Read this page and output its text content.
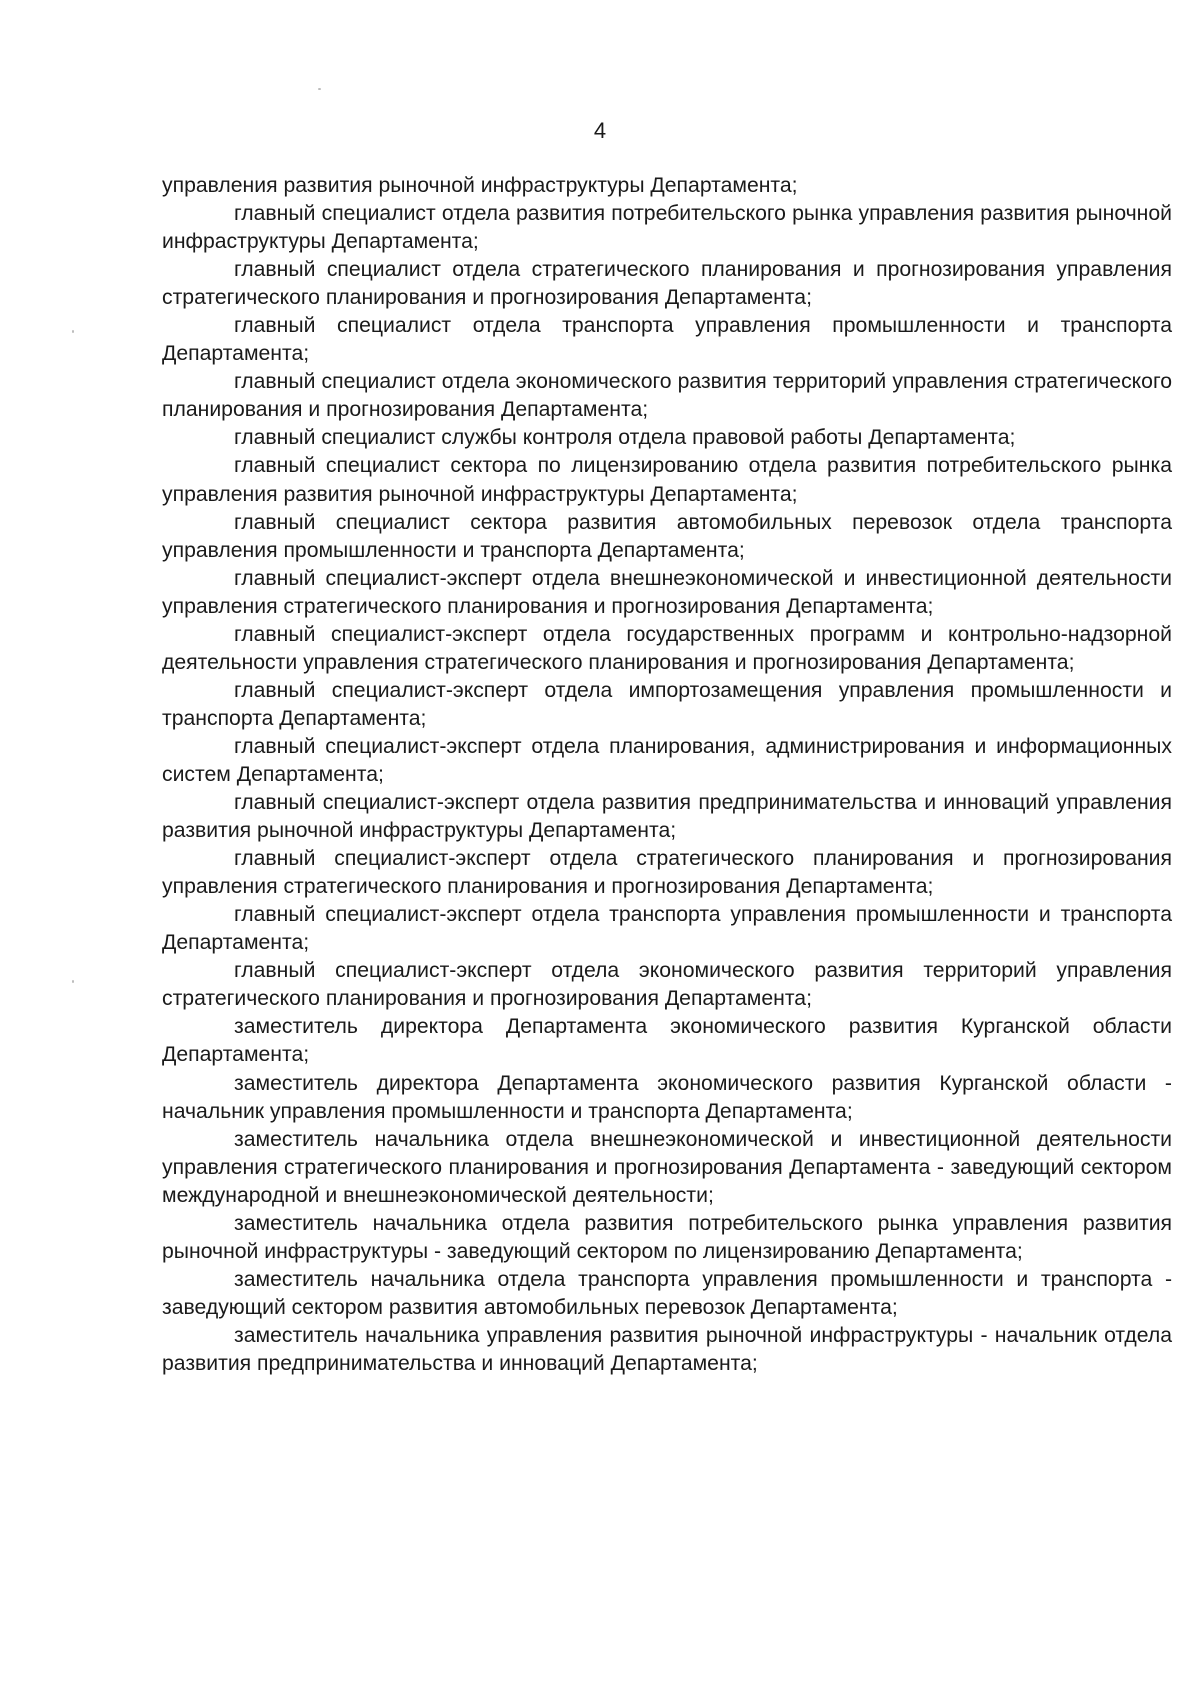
4

управления развития рыночной инфраструктуры Департамента;

главный специалист отдела развития потребительского рынка управления развития рыночной инфраструктуры Департамента;

главный специалист отдела стратегического планирования и прогнозирования управления стратегического планирования и прогнозирования Департамента;

главный специалист отдела транспорта управления промышленности и транспорта Департамента;

главный специалист отдела экономического развития территорий управления стратегического планирования и прогнозирования Департамента;

главный специалист службы контроля отдела правовой работы Департамента;

главный специалист сектора по лицензированию отдела развития потребительского рынка управления развития рыночной инфраструктуры Департамента;

главный специалист сектора развития автомобильных перевозок отдела транспорта управления промышленности и транспорта Департамента;

главный специалист-эксперт отдела внешнеэкономической и инвестиционной деятельности управления стратегического планирования и прогнозирования Департамента;

главный специалист-эксперт отдела государственных программ и контрольно-надзорной деятельности управления стратегического планирования и прогнозирования Департамента;

главный специалист-эксперт отдела импортозамещения управления промышленности и транспорта Департамента;

главный специалист-эксперт отдела планирования, администрирования и информационных систем Департамента;

главный специалист-эксперт отдела развития предпринимательства и инноваций управления развития рыночной инфраструктуры Департамента;

главный специалист-эксперт отдела стратегического планирования и прогнозирования управления стратегического планирования и прогнозирования Департамента;

главный специалист-эксперт отдела транспорта управления промышленности и транспорта Департамента;

главный специалист-эксперт отдела экономического развития территорий управления стратегического планирования и прогнозирования Департамента;

заместитель директора Департамента экономического развития Курганской области Департамента;

заместитель директора Департамента экономического развития Курганской области - начальник управления промышленности и транспорта Департамента;

заместитель начальника отдела внешнеэкономической и инвестиционной деятельности управления стратегического планирования и прогнозирования Департамента - заведующий сектором международной и внешнеэкономической деятельности;

заместитель начальника отдела развития потребительского рынка управления развития рыночной инфраструктуры - заведующий сектором по лицензированию Департамента;

заместитель начальника отдела транспорта управления промышленности и транспорта - заведующий сектором развития автомобильных перевозок Департамента;

заместитель начальника управления развития рыночной инфраструктуры - начальник отдела развития предпринимательства и инноваций Департамента;
